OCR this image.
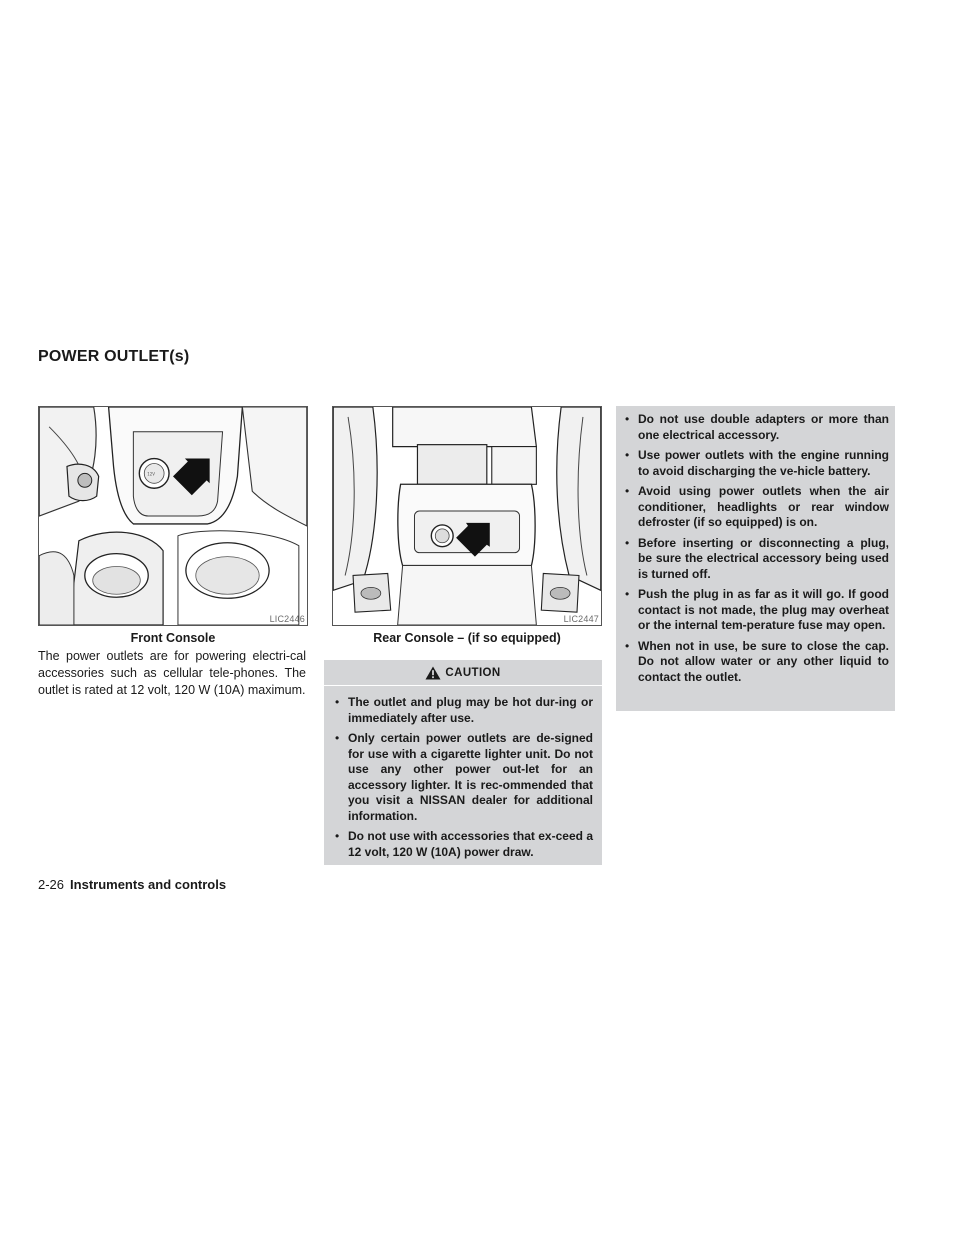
POWER OUTLET(s)
12V
LIC2446

Front Console

LIC2447

Rear Console – (if so equipped)

The power outlets are for powering electri-cal accessories such as cellular tele-phones. The outlet is rated at 12 volt, 120 W (10A) maximum.

CAUTION
• The outlet and plug may be hot dur-ing or immediately after use.
• Only certain power outlets are de-signed for use with a cigarette lighter unit. Do not use any other power out-let for an accessory lighter. It is rec-ommended that you visit a NISSAN dealer for additional information.
• Do not use with accessories that ex-ceed a 12 volt, 120 W (10A) power draw.
• Do not use double adapters or more than one electrical accessory.
• Use power outlets with the engine running to avoid discharging the ve-hicle battery.
• Avoid using power outlets when the air conditioner, headlights or rear window defroster (if so equipped) is on.
• Before inserting or disconnecting a plug, be sure the electrical accessory being used is turned off.
• Push the plug in as far as it will go. If good contact is not made, the plug may overheat or the internal tem-perature fuse may open.
• When not in use, be sure to close the cap. Do not allow water or any other liquid to contact the outlet.
2-26 Instruments and controls
